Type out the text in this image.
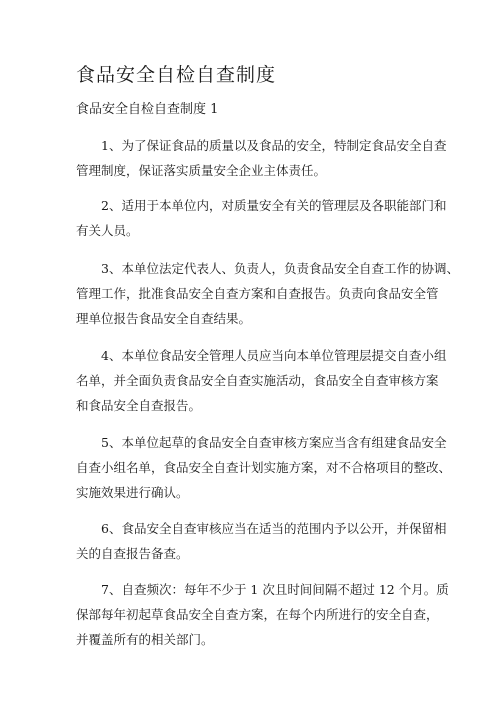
食品安全自检自查制度
食品安全自检自查制度 1
1、为了保证食品的质量以及食品的安全，特制定食品安全自查
管理制度，保证落实质量安全企业主体责任。
2、适用于本单位内，对质量安全有关的管理层及各职能部门和
有关人员。
3、本单位法定代表人、负责人，负责食品安全自查工作的协调、
管理工作，批准食品安全自查方案和自查报告。负责向食品安全管
理单位报告食品安全自查结果。
4、本单位食品安全管理人员应当向本单位管理层提交自查小组
名单，并全面负责食品安全自查实施活动，食品安全自查审核方案
和食品安全自查报告。
5、本单位起草的食品安全自查审核方案应当含有组建食品安全
自查小组名单，食品安全自查计划实施方案，对不合格项目的整改、
实施效果进行确认。
6、食品安全自查审核应当在适当的范围内予以公开，并保留相
关的自查报告备查。
7、自查频次：每年不少于 1 次且时间间隔不超过 12 个月。质
保部每年初起草食品安全自查方案，在每个内所进行的安全自查，
并覆盖所有的相关部门。
